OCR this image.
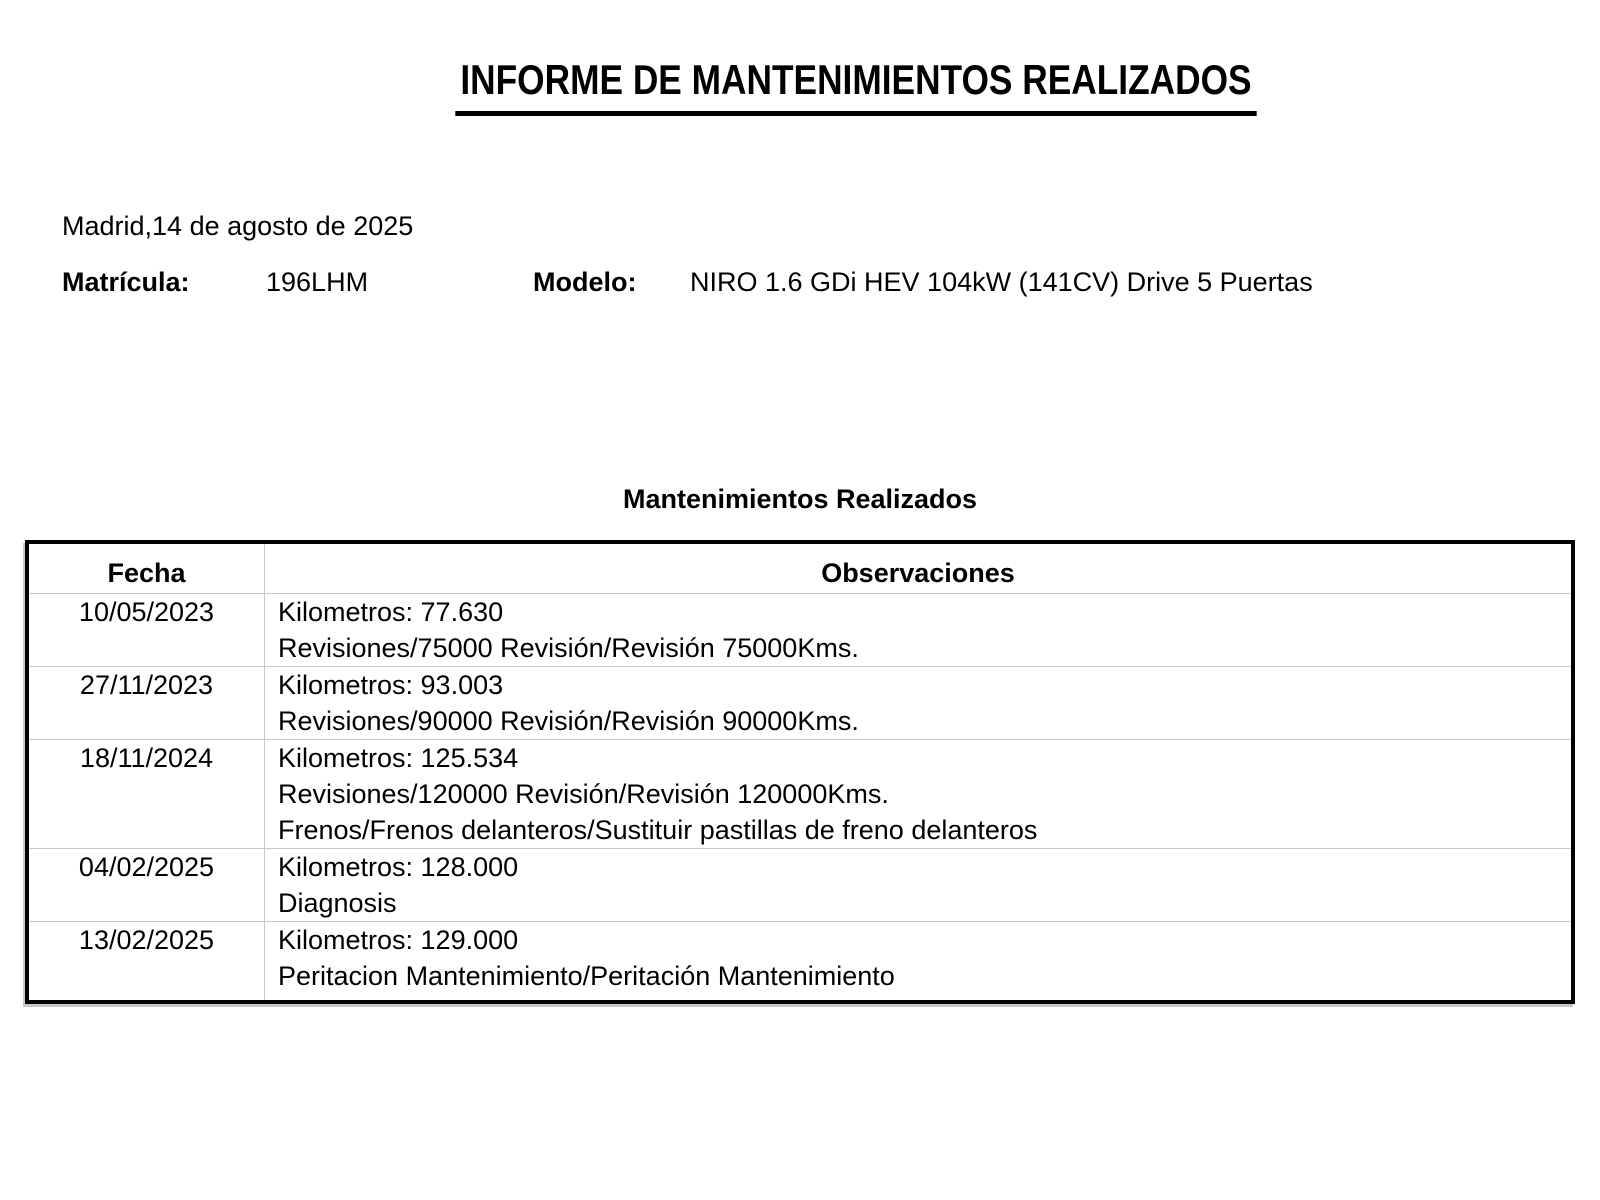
INFORME DE MANTENIMIENTOS REALIZADOS
Madrid,14 de agosto de 2025
Matrícula:	196LHM	Modelo: NIRO 1.6 GDi HEV 104kW (141CV) Drive 5 Puertas
Mantenimientos Realizados
Fecha	Observaciones
10/05/2023	Kilometros: 77.630
Revisiones/75000 Revisión/Revisión 75000Kms.
27/11/2023	Kilometros: 93.003
Revisiones/90000 Revisión/Revisión 90000Kms.
18/11/2024	Kilometros: 125.534
Revisiones/120000 Revisión/Revisión 120000Kms.
Frenos/Frenos delanteros/Sustituir pastillas de freno delanteros
04/02/2025	Kilometros: 128.000
Diagnosis
13/02/2025	Kilometros: 129.000
Peritacion Mantenimiento/Peritación Mantenimiento
